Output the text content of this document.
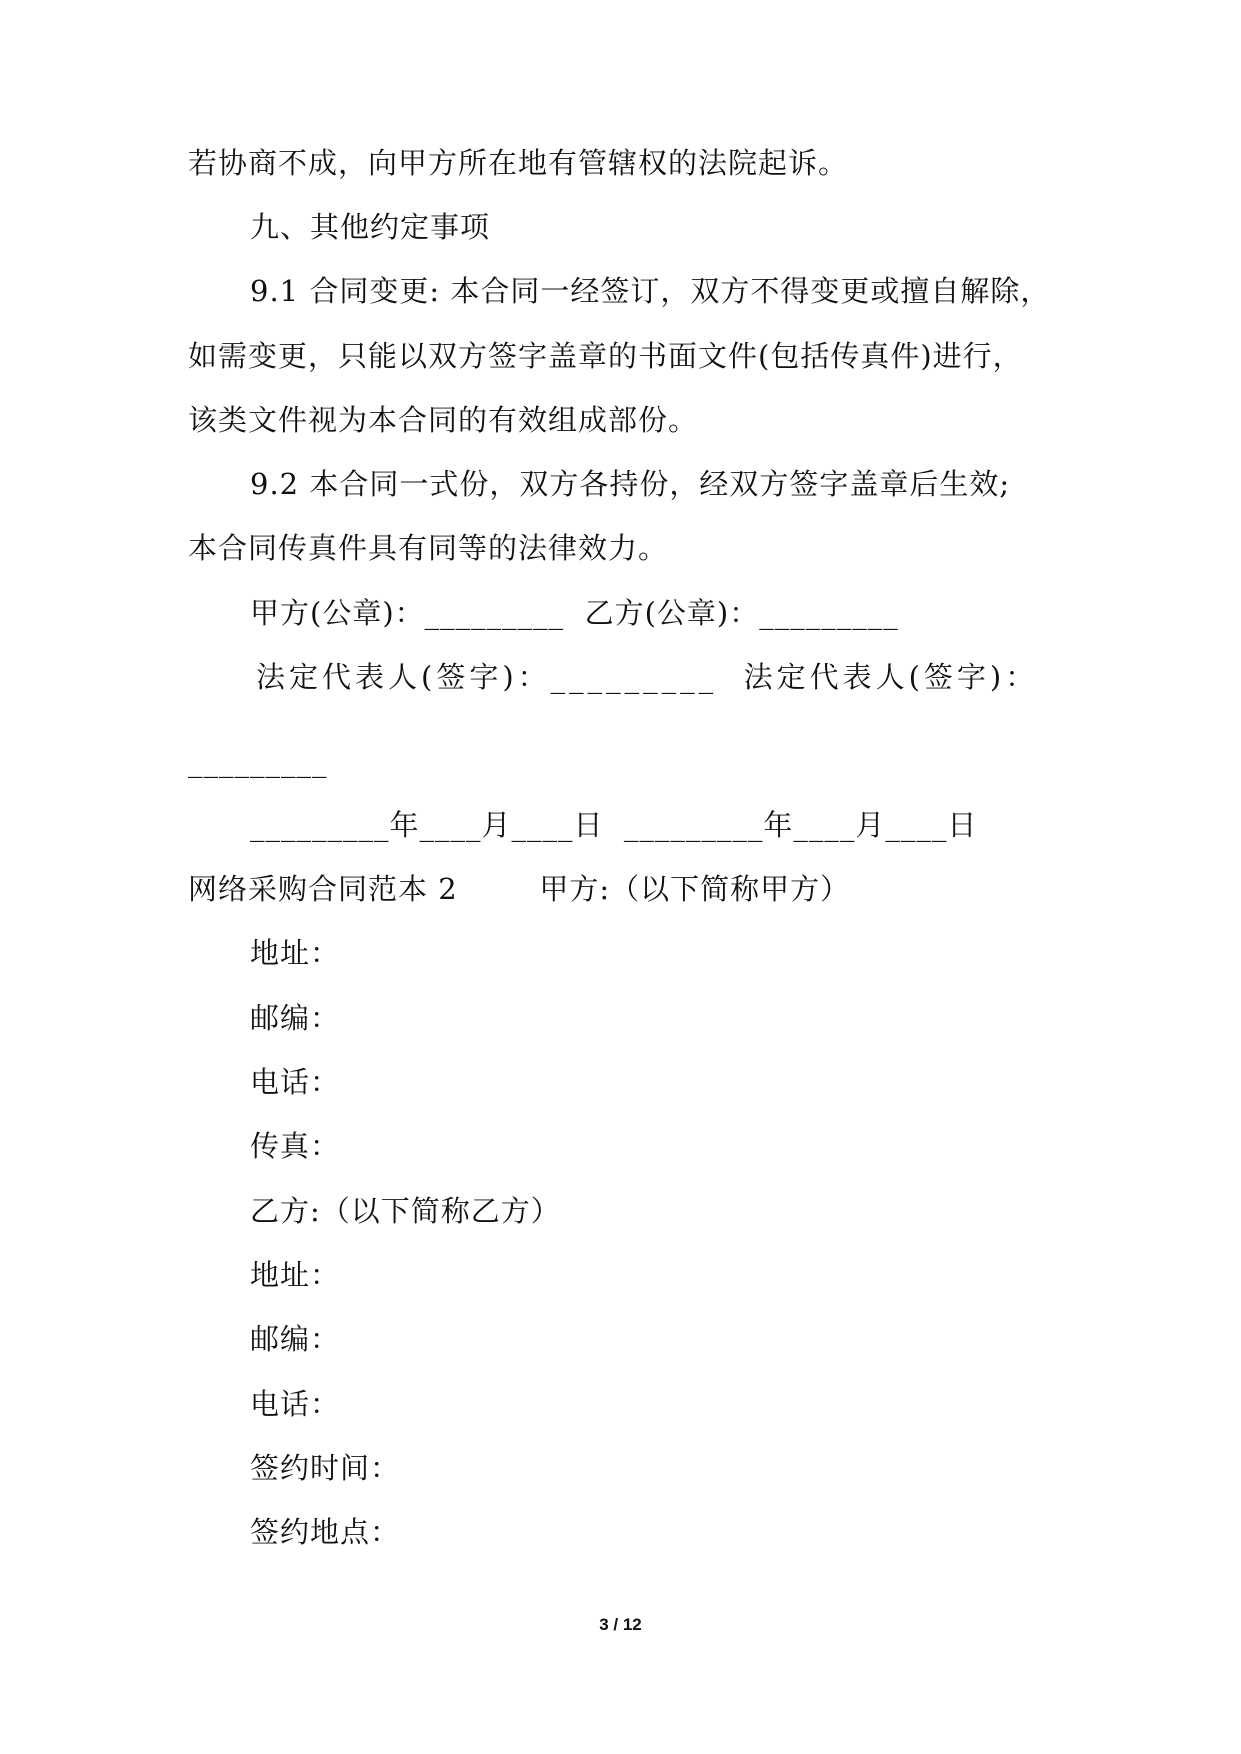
若协商不成，向甲方所在地有管辖权的法院起诉。
九、其他约定事项
9.1 合同变更: 本合同一经签订，双方不得变更或擅自解除，
如需变更，只能以双方签字盖章的书面文件(包括传真件)进行，
该类文件视为本合同的有效组成部份。
9.2 本合同一式份，双方各持份，经双方签字盖章后生效;
本合同传真件具有同等的法律效力。
甲方(公章)：_________  乙方(公章)：_________
法定代表人(签字)：_________  法定代表人(签字)：
_________
_________年____月____日  _________年____月____日
网络采购合同范本 2        甲方:（以下简称甲方）
地址：
邮编：
电话：
传真：
乙方:（以下简称乙方）
地址：
邮编：
电话：
签约时间：
签约地点：
3 / 12
